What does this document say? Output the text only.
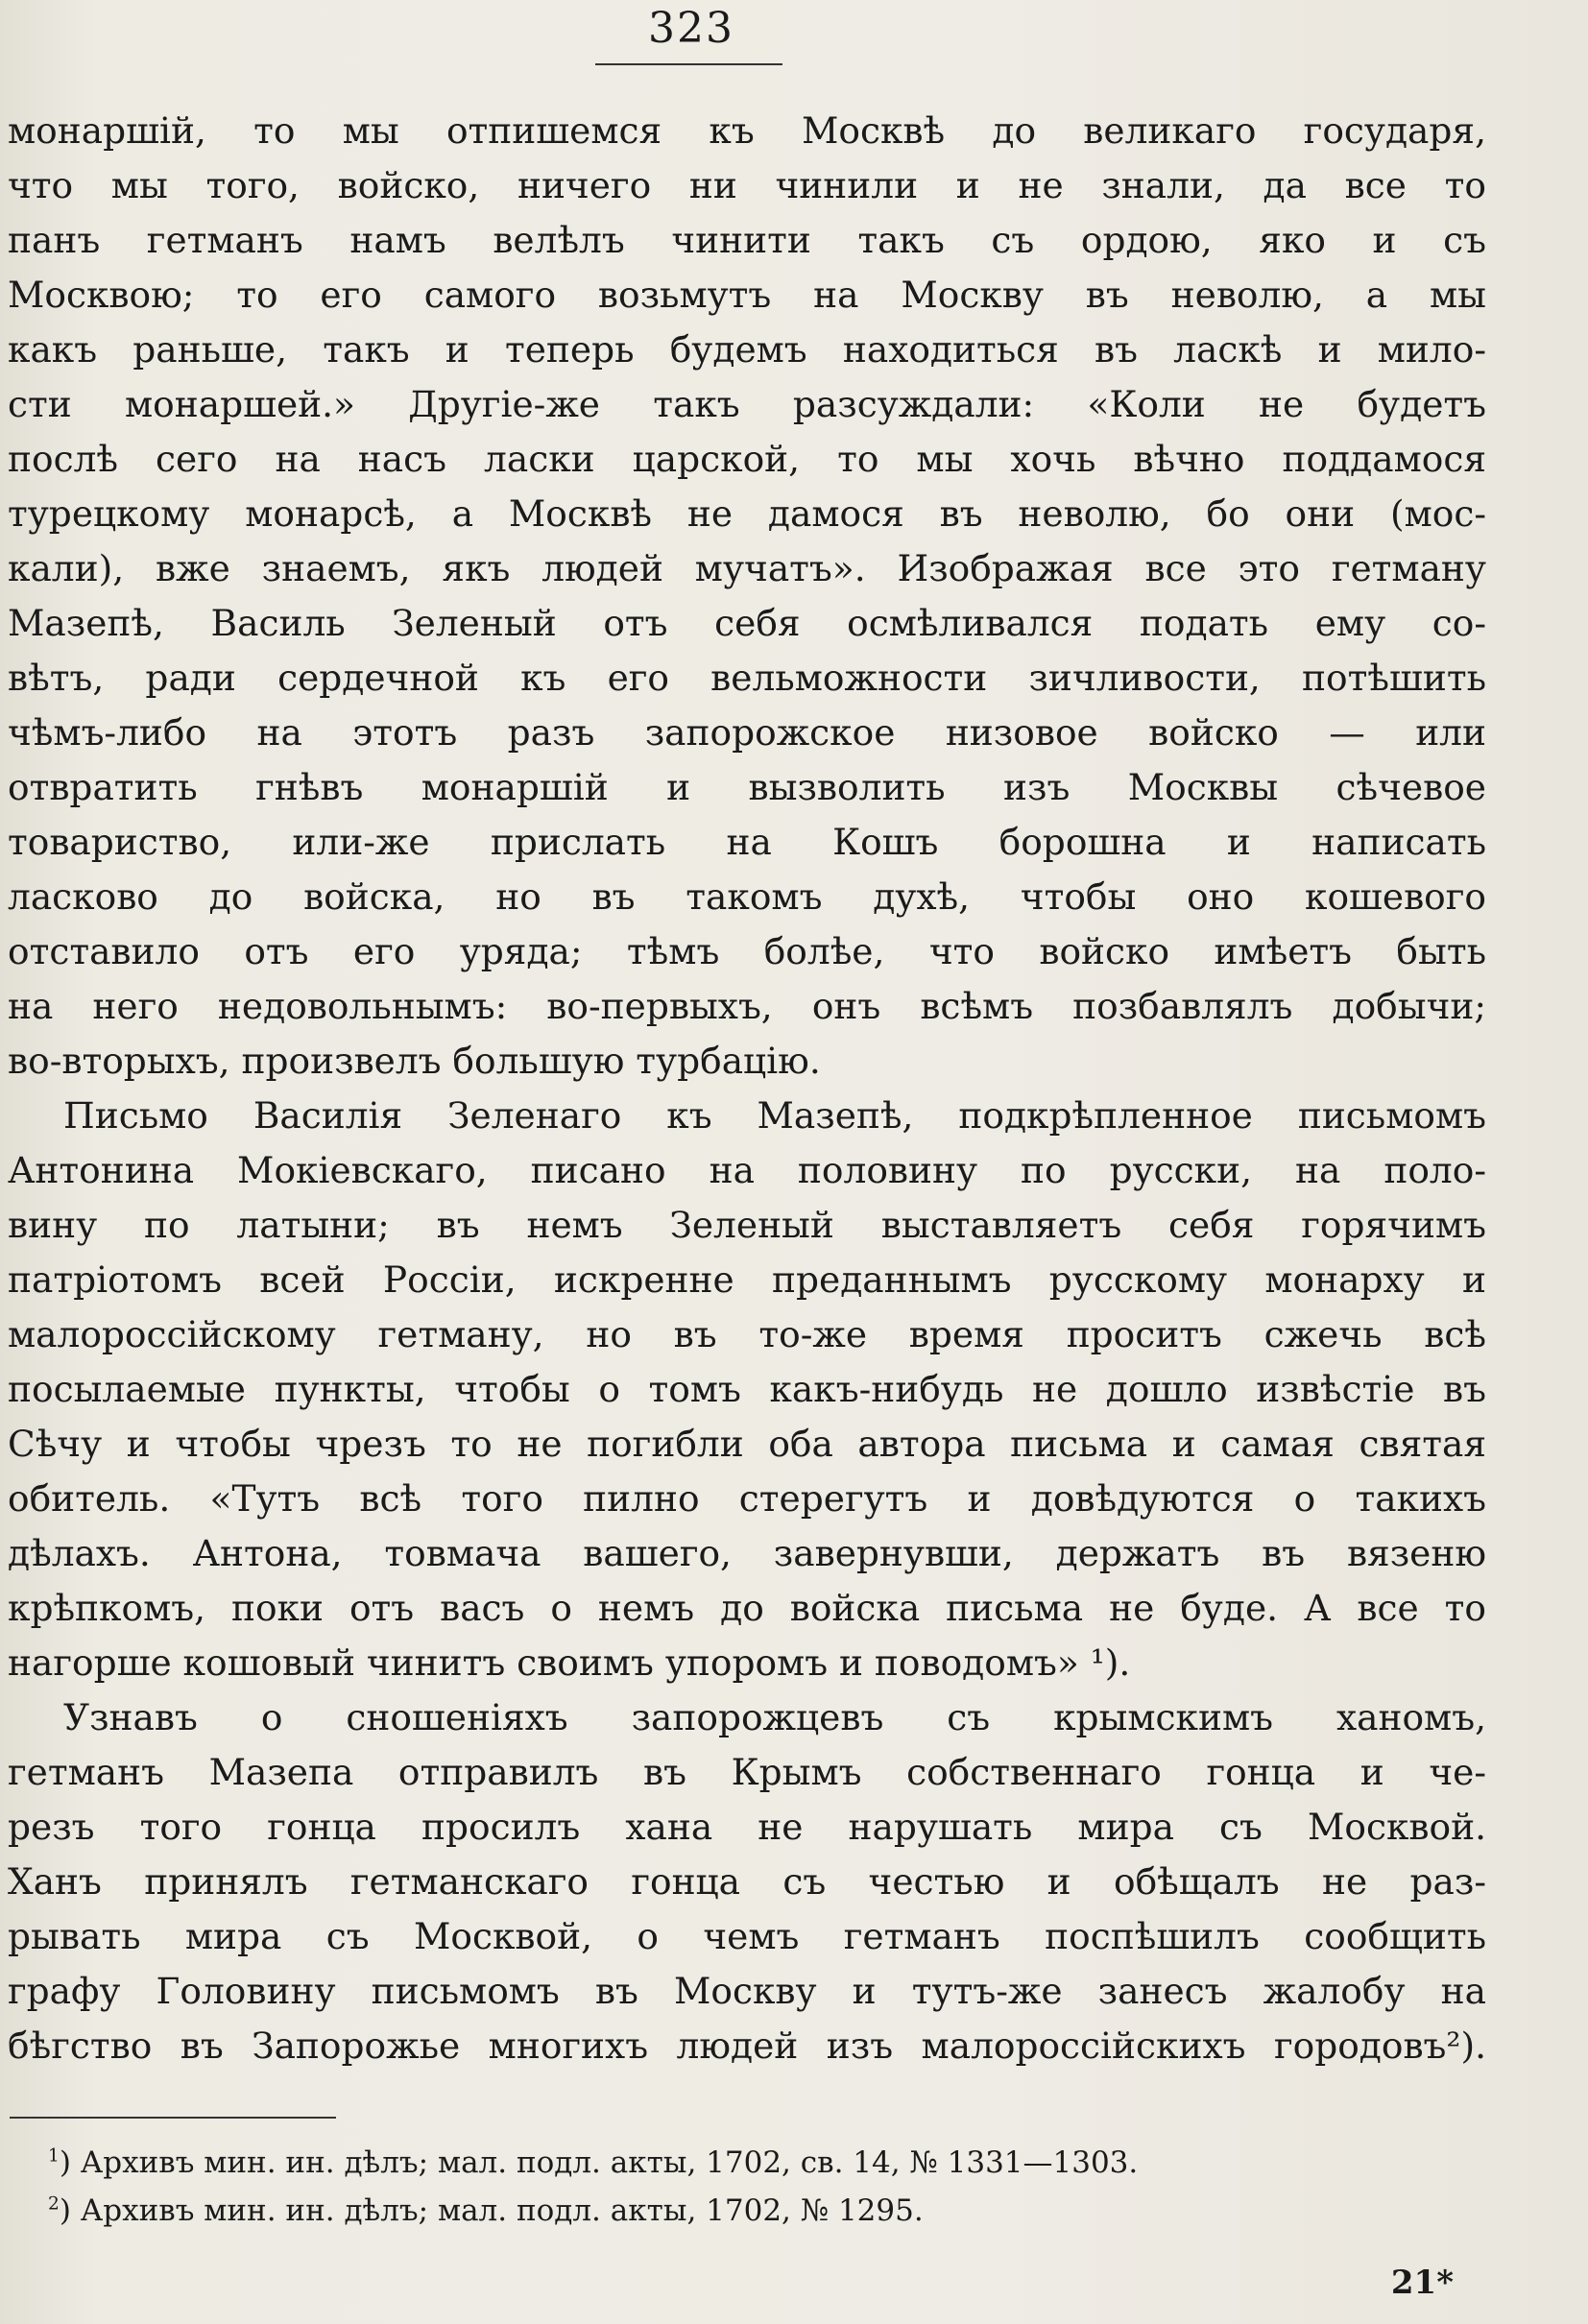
323
монаршій, то мы отпишемся къ Москвѣ до великаго государя,
что мы того, войско, ничего ни чинили и не знали, да все то
панъ гетманъ намъ велѣлъ чинити такъ съ ордою, яко и съ
Москвою; то его самого возьмутъ на Москву въ неволю, а мы
какъ раньше, такъ и теперь будемъ находиться въ ласкѣ и мило-
сти монаршей.» Другіе-же такъ разсуждали: «Коли не будетъ
послѣ сего на насъ ласки царской, то мы хочь вѣчно поддамося
турецкому монарсѣ, а Москвѣ не дамося въ неволю, бо они (мос-
кали), вже знаемъ, якъ людей мучатъ». Изображая все это гетману
Мазепѣ, Василь Зеленый отъ себя осмѣливался подать ему со-
вѣтъ, ради сердечной къ его вельможности зичливости, потѣшить
чѣмъ-либо на этотъ разъ запорожское низовое войско — или
отвратить гнѣвъ монаршій и вызволить изъ Москвы сѣчевое
товариство, или-же прислать на Кошъ борошна и написать
ласково до войска, но въ такомъ духѣ, чтобы оно кошевого
отставило отъ его уряда; тѣмъ болѣе, что войско имѣетъ быть
на него недовольнымъ: во-первыхъ, онъ всѣмъ позбавлялъ добычи;
во-вторыхъ, произвелъ большую турбацію.
Письмо Василія Зеленаго къ Мазепѣ, подкрѣпленное письмомъ
Антонина Мокіевскаго, писано на половину по русски, на поло-
вину по латыни; въ немъ Зеленый выставляетъ себя горячимъ
патріотомъ всей Россіи, искренне преданнымъ русскому монарху и
малороссійскому гетману, но въ то-же время проситъ сжечь всѣ
посылаемые пункты, чтобы о томъ какъ-нибудь не дошло извѣстіе въ
Сѣчу и чтобы чрезъ то не погибли оба автора письма и самая святая
обитель. «Тутъ всѣ того пилно стерегутъ и довѣдуются о такихъ
дѣлахъ. Антона, товмача вашего, завернувши, держатъ въ вязеню
крѣпкомъ, поки отъ васъ о немъ до войска письма не буде. А все то
нагорше кошовый чинитъ своимъ упоромъ и поводомъ» ¹).
Узнавъ о сношеніяхъ запорожцевъ съ крымскимъ ханомъ,
гетманъ Мазепа отправилъ въ Крымъ собственнаго гонца и че-
резъ того гонца просилъ хана не нарушать мира съ Москвой.
Ханъ принялъ гетманскаго гонца съ честью и обѣщалъ не раз-
рывать мира съ Москвой, о чемъ гетманъ поспѣшилъ сообщить
графу Головину письмомъ въ Москву и тутъ-же занесъ жалобу на
бѣгство въ Запорожье многихъ людей изъ малороссійскихъ городовъ²).
$^1$) Архивъ мин. ин. дѣлъ; мал. подл. акты, 1702, св. 14, № 1331—1303.
$^2$) Архивъ мин. ин. дѣлъ; мал. подл. акты, 1702, № 1295.
21*
